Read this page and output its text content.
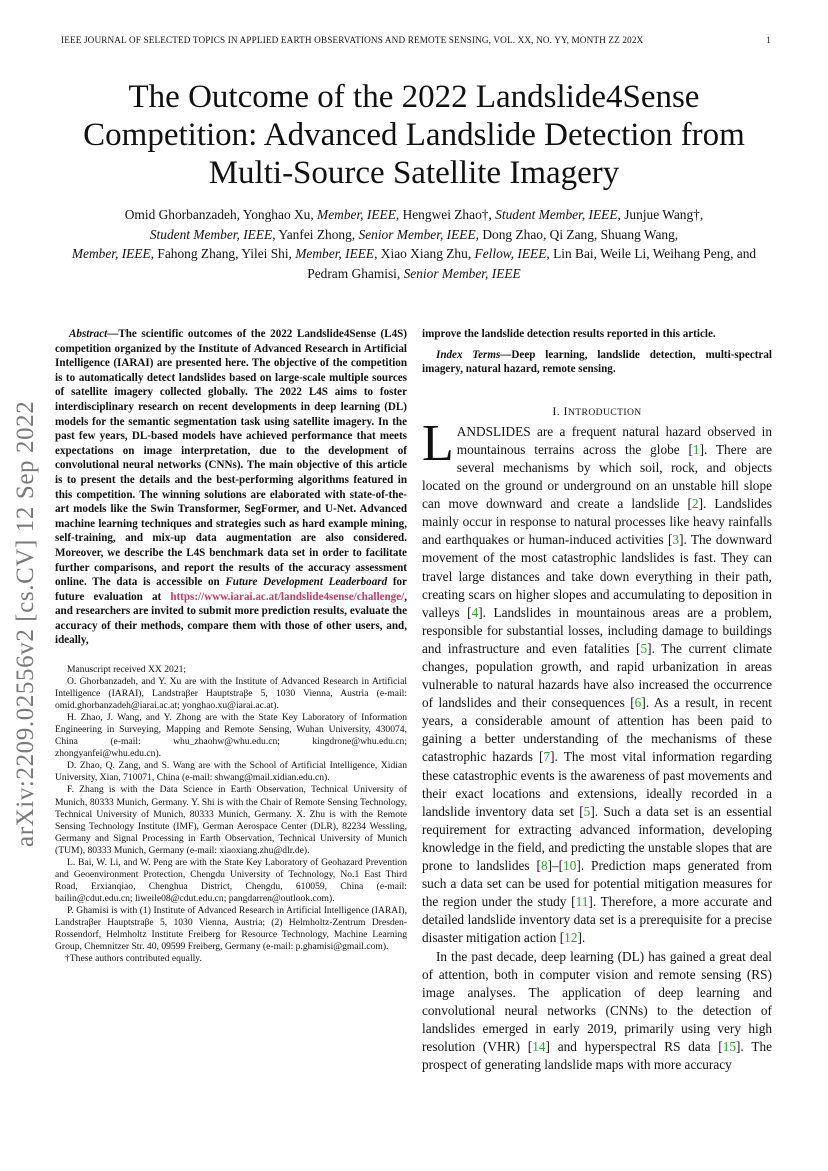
IEEE JOURNAL OF SELECTED TOPICS IN APPLIED EARTH OBSERVATIONS AND REMOTE SENSING, VOL. XX, NO. YY, MONTH ZZ 202X	1
The Outcome of the 2022 Landslide4Sense Competition: Advanced Landslide Detection from Multi-Source Satellite Imagery
Omid Ghorbanzadeh, Yonghao Xu, Member, IEEE, Hengwei Zhao†, Student Member, IEEE, Junjue Wang†,
Student Member, IEEE, Yanfei Zhong, Senior Member, IEEE, Dong Zhao, Qi Zang, Shuang Wang,
Member, IEEE, Fahong Zhang, Yilei Shi, Member, IEEE, Xiao Xiang Zhu, Fellow, IEEE, Lin Bai, Weile Li, Weihang Peng, and Pedram Ghamisi, Senior Member, IEEE
arXiv:2209.02556v2 [cs.CV] 12 Sep 2022

Abstract—The scientific outcomes of the 2022 Landslide4Sense (L4S) competition organized by the Institute of Advanced Research in Artificial Intelligence (IARAI) are presented here. The objective of the competition is to automatically detect landslides based on large-scale multiple sources of satellite imagery collected globally. The 2022 L4S aims to foster interdisciplinary research on recent developments in deep learning (DL) models for the semantic segmentation task using satellite imagery. In the past few years, DL-based models have achieved performance that meets expectations on image interpretation, due to the development of convolutional neural networks (CNNs). The main objective of this article is to present the details and the best-performing algorithms featured in this competition. The winning solutions are elaborated with state-of-the-art models like the Swin Transformer, SegFormer, and U-Net. Advanced machine learning techniques and strategies such as hard example mining, self-training, and mix-up data augmentation are also considered. Moreover, we describe the L4S benchmark data set in order to facilitate further comparisons, and report the results of the accuracy assessment online. The data is accessible on Future Development Leaderboard for future evaluation at https://www.iarai.ac.at/landslide4sense/challenge/, and researchers are invited to submit more prediction results, evaluate the accuracy of their methods, compare them with those of other users, and, ideally,

Manuscript received XX 2021;

O. Ghorbanzadeh, and Y. Xu are with the Institute of Advanced Research in Artificial Intelligence (IARAI), Landstraβer Hauptstraβe 5, 1030 Vienna, Austria (e-mail: omid.ghorbanzadeh@iarai.ac.at; yonghao.xu@iarai.ac.at).

H. Zhao, J. Wang, and Y. Zhong are with the State Key Laboratory of Information Engineering in Surveying, Mapping and Remote Sensing, Wuhan University, 430074, China (e-mail: whu_zhaohw@whu.edu.cn; kingdrone@whu.edu.cn; zhongyanfei@whu.edu.cn).

D. Zhao, Q. Zang, and S. Wang are with the School of Artificial Intelligence, Xidian University, Xian, 710071, China (e-mail: shwang@mail.xidian.edu.cn).

F. Zhang is with the Data Science in Earth Observation, Technical University of Munich, 80333 Munich, Germany. Y. Shi is with the Chair of Remote Sensing Technology, Technical University of Munich, 80333 Munich, Germany. X. Zhu is with the Remote Sensing Technology Institute (IMF), German Aerospace Center (DLR), 82234 Wessling, Germany and Signal Processing in Earth Observation, Technical University of Munich (TUM), 80333 Munich, Germany (e-mail: xiaoxiang.zhu@dlr.de).

L. Bai, W. Li, and W. Peng are with the State Key Laboratory of Geohazard Prevention and Geoenvironment Protection, Chengdu University of Technology, No.1 East Third Road, Erxianqiao, Chenghua District, Chengdu, 610059, China (e-mail: bailin@cdut.edu.cn; liweile08@cdut.edu.cn; pangdarren@outlook.com).

P. Ghamisi is with (1) Institute of Advanced Research in Artificial Intelligence (IARAI), Landstraβer Hauptstraβe 5, 1030 Vienna, Austria; (2) Helmholtz-Zentrum Dresden-Rossendorf, Helmholtz Institute Freiberg for Resource Technology, Machine Learning Group, Chemnitzer Str. 40, 09599 Freiberg, Germany (e-mail: p.ghamisi@gmail.com).

†These authors contributed equally.

improve the landslide detection results reported in this article.

Index Terms—Deep learning, landslide detection, multi-spectral imagery, natural hazard, remote sensing.

I. INTRODUCTION

LANDSLIDES are a frequent natural hazard observed in mountainous terrains across the globe [1]. There are several mechanisms by which soil, rock, and objects located on the ground or underground on an unstable hill slope can move downward and create a landslide [2]. Landslides mainly occur in response to natural processes like heavy rainfalls and earthquakes or human-induced activities [3]. The downward movement of the most catastrophic landslides is fast. They can travel large distances and take down everything in their path, creating scars on higher slopes and accumulating to deposition in valleys [4]. Landslides in mountainous areas are a problem, responsible for substantial losses, including damage to buildings and infrastructure and even fatalities [5]. The current climate changes, population growth, and rapid urbanization in areas vulnerable to natural hazards have also increased the occurrence of landslides and their consequences [6]. As a result, in recent years, a considerable amount of attention has been paid to gaining a better understanding of the mechanisms of these catastrophic hazards [7]. The most vital information regarding these catastrophic events is the awareness of past movements and their exact locations and extensions, ideally recorded in a landslide inventory data set [5]. Such a data set is an essential requirement for extracting advanced information, developing knowledge in the field, and predicting the unstable slopes that are prone to landslides [8]–[10]. Prediction maps generated from such a data set can be used for potential mitigation measures for the region under the study [11]. Therefore, a more accurate and detailed landslide inventory data set is a prerequisite for a precise disaster mitigation action [12].

In the past decade, deep learning (DL) has gained a great deal of attention, both in computer vision and remote sensing (RS) image analyses. The application of deep learning and convolutional neural networks (CNNs) to the detection of landslides emerged in early 2019, primarily using very high resolution (VHR) [14] and hyperspectral RS data [15]. The prospect of generating landslide maps with more accuracy
